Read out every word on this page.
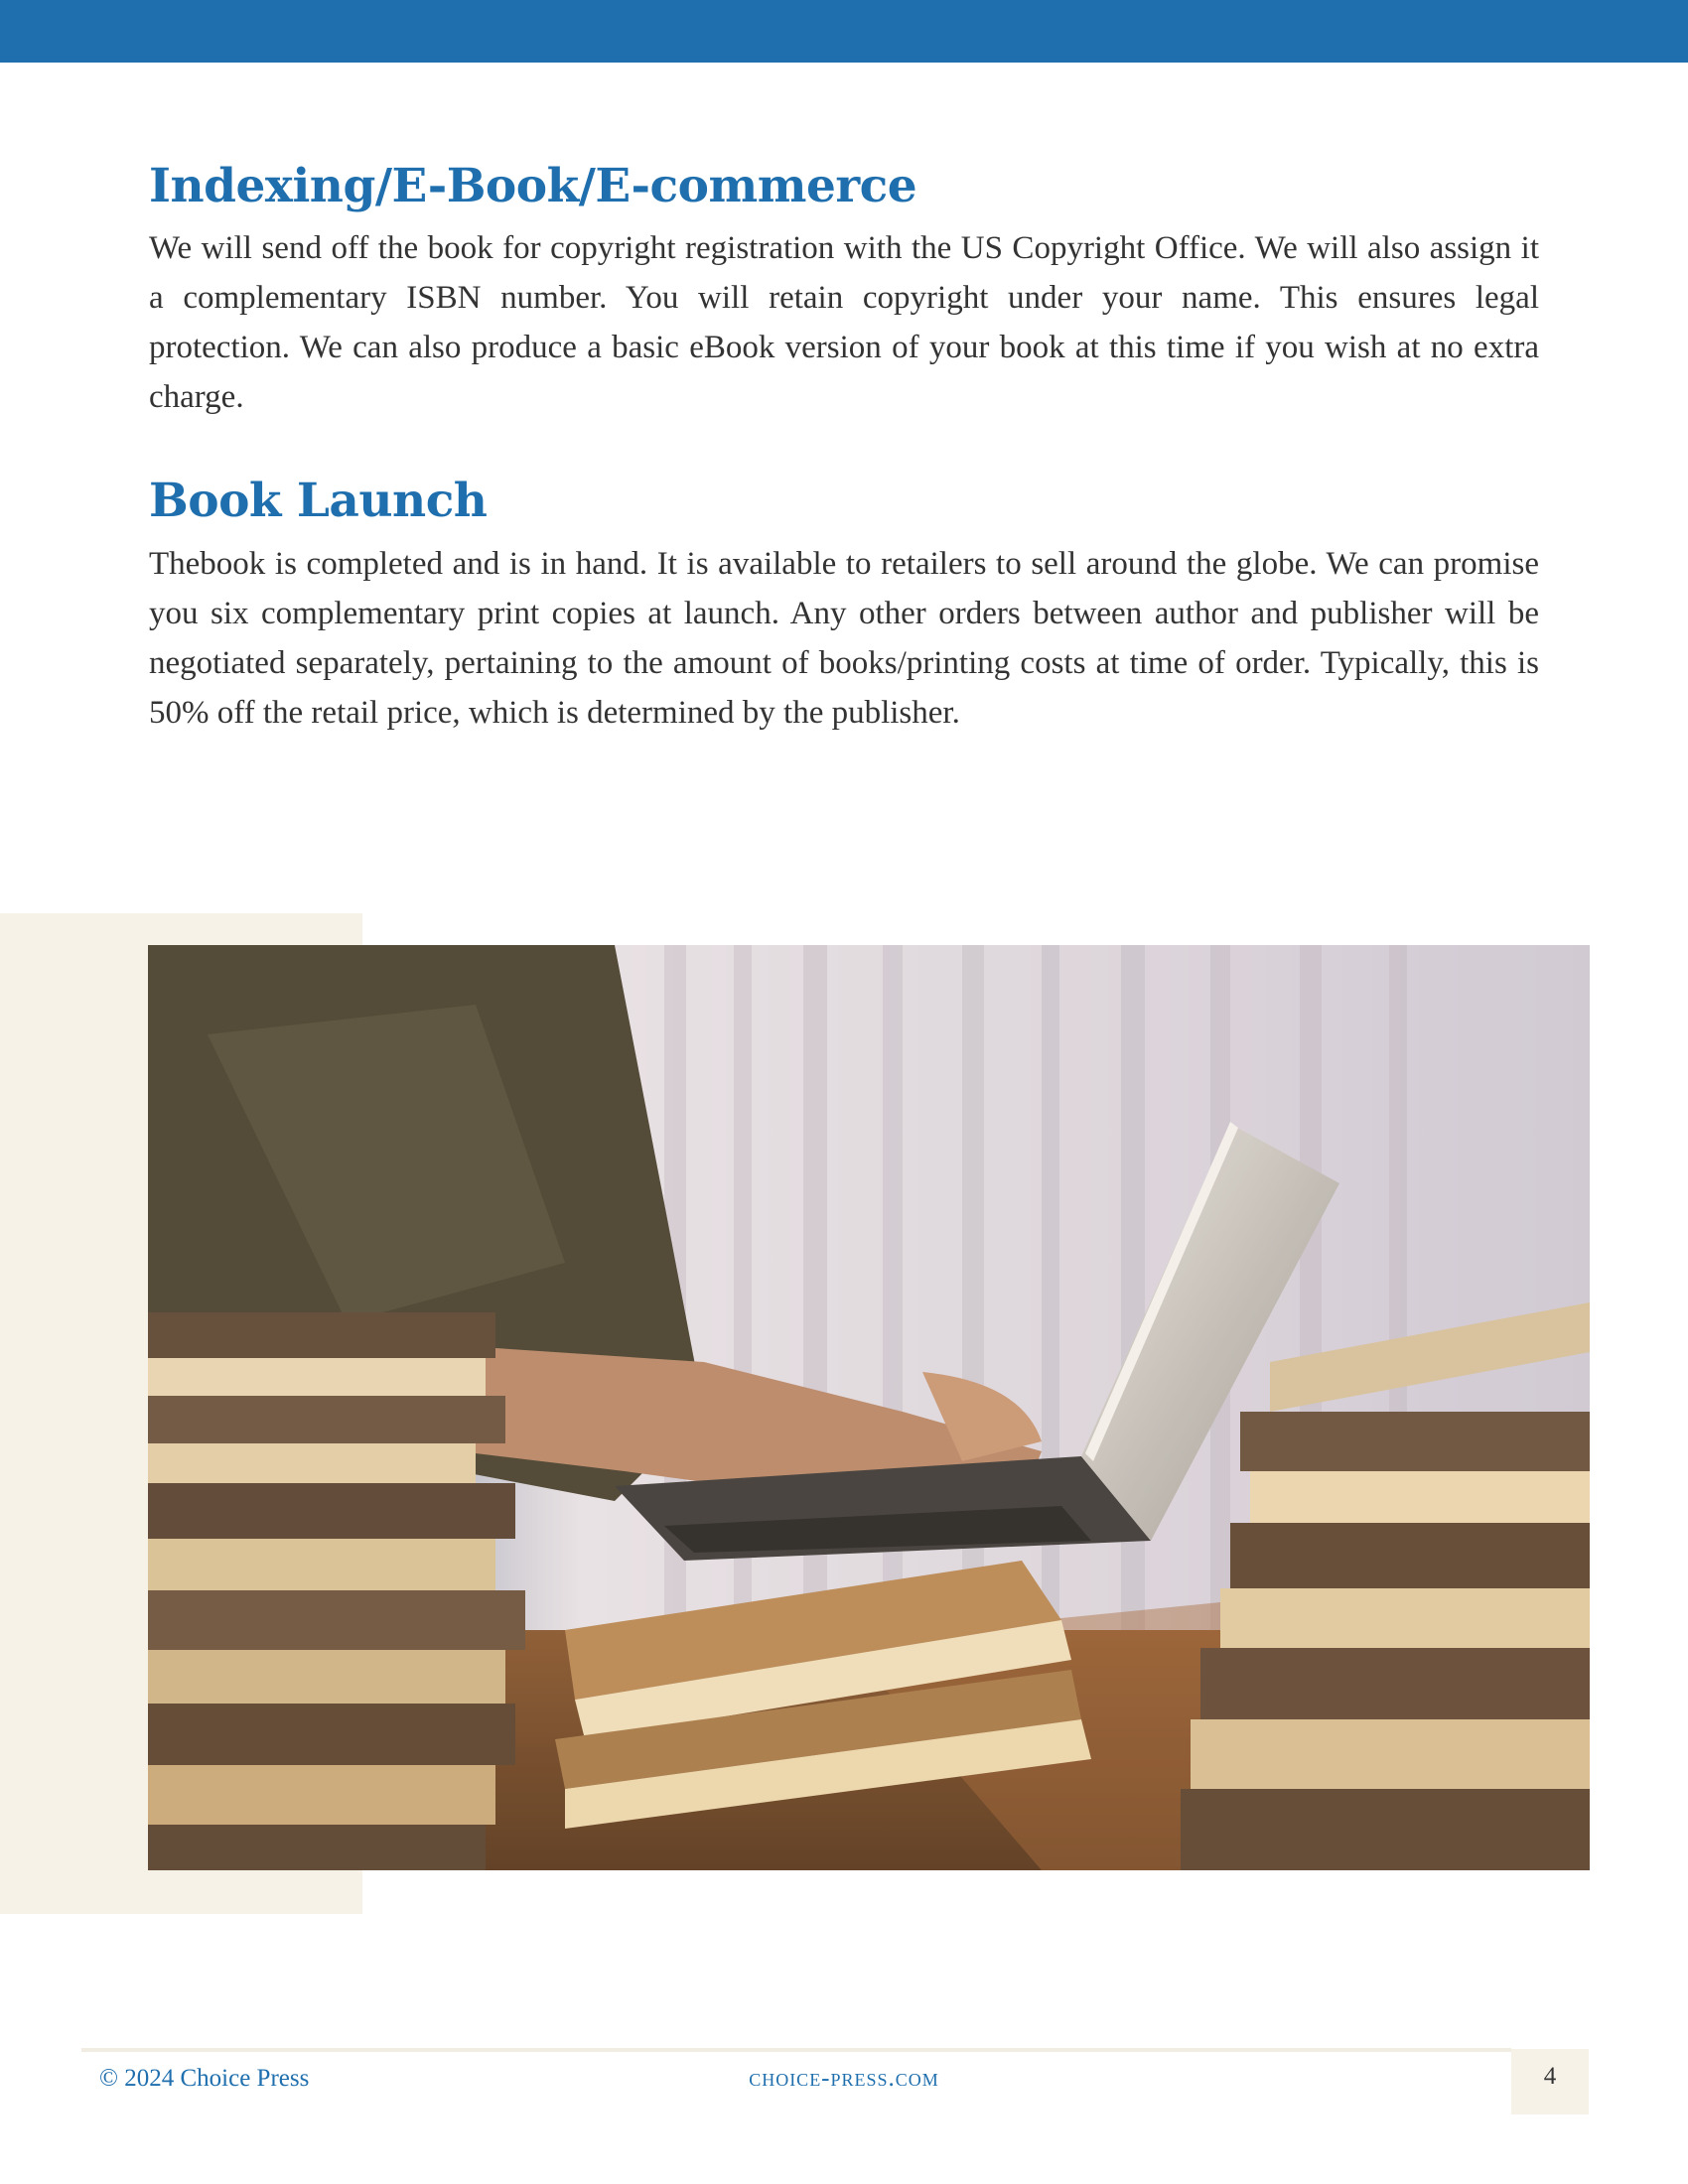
Indexing/E-Book/E-commerce

We will send off the book for copyright registration with the US Copyright Office. We will also assign it a complementary ISBN number. You will retain copyright under your name. This ensures legal protection. We can also produce a basic eBook version of your book at this time if you wish at no extra charge.

Book Launch

Thebook is completed and is in hand. It is available to retailers to sell around the globe. We can promise you six complementary print copies at launch. Any other orders between author and publisher will be negotiated separately, pertaining to the amount of books/printing costs at time of order. Typically, this is 50% off the retail price, which is determined by the publisher.

© 2024 Choice Press	choice-press.com	4
